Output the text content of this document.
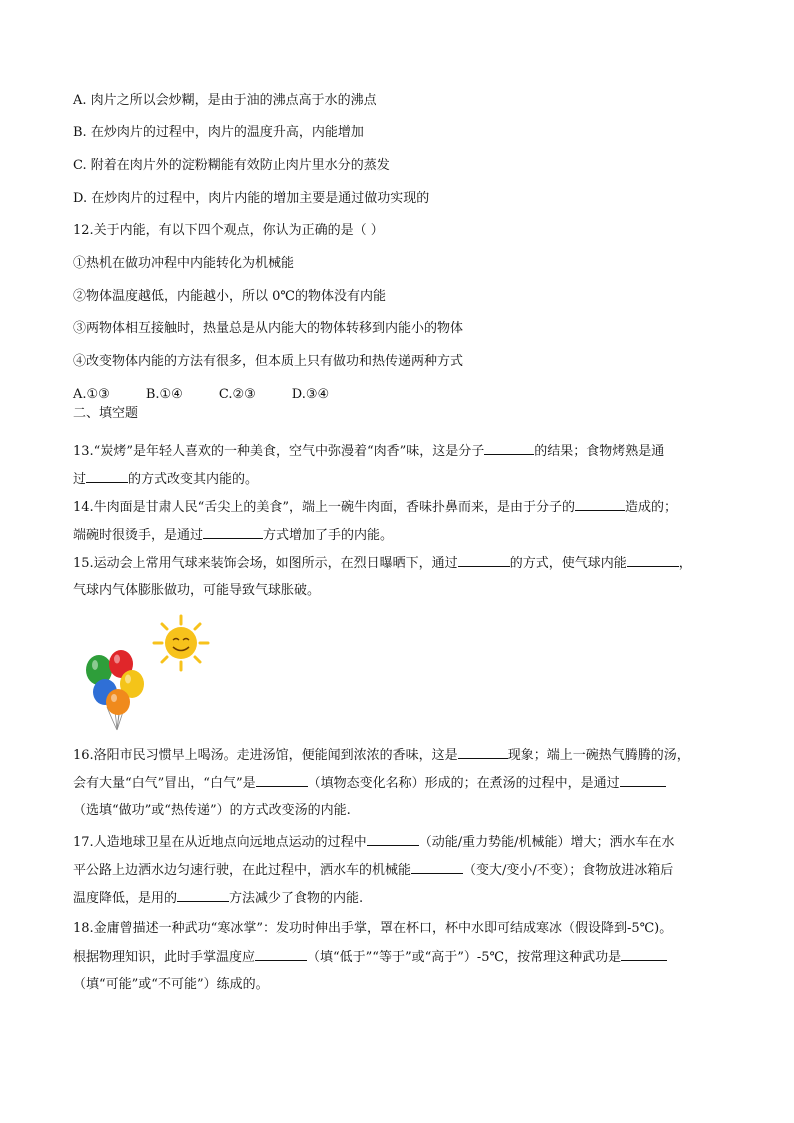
A. 肉片之所以会炒糊，是由于油的沸点高于水的沸点

B. 在炒肉片的过程中，肉片的温度升高，内能增加

C. 附着在肉片外的淀粉糊能有效防止肉片里水分的蒸发

D. 在炒肉片的过程中，肉片内能的增加主要是通过做功实现的

12.关于内能，有以下四个观点，你认为正确的是（ ）

①热机在做功冲程中内能转化为机械能

②物体温度越低，内能越小，所以 0℃的物体没有内能

③两物体相互接触时，热量总是从内能大的物体转移到内能小的物体

④改变物体内能的方法有很多，但本质上只有做功和热传递两种方式

A.①③	B.①④	C.②③	D.③④

二、填空题

13.“炭烤”是年轻人喜欢的一种美食，空气中弥漫着“肉香”味，这是分子	的结果；食物烤熟是通

过	的方式改变其内能的。

14.牛肉面是甘肃人民“舌尖上的美食”，端上一碗牛肉面，香味扑鼻而来，是由于分子的	造成的；

端碗时很烫手，是通过	方式增加了手的内能。

15.运动会上常用气球来装饰会场，如图所示，在烈日曝晒下，通过	的方式，使气球内能	，

气球内气体膨胀做功，可能导致气球胀破。

16.洛阳市民习惯早上喝汤。走进汤馆，便能闻到浓浓的香味，这是	现象；端上一碗热气腾腾的汤，

会有大量“白气”冒出，“白气”是	（填物态变化名称）形成的；在煮汤的过程中，是通过

（选填“做功”或“热传递”）的方式改变汤的内能.

17.人造地球卫星在从近地点向远地点运动的过程中	（动能/重力势能/机械能）增大；洒水车在水

平公路上边洒水边匀速行驶，在此过程中，洒水车的机械能	（变大/变小/不变）；食物放进冰箱后

温度降低，是用的	方法减少了食物的内能.

18.金庸曾描述一种武功“寒冰掌”：发功时伸出手掌，罩在杯口，杯中水即可结成寒冰（假设降到-5℃)。

根据物理知识，此时手掌温度应	（填“低于”“等于”或“高于”）-5℃，按常理这种武功是

（填“可能”或“不可能”）练成的。
